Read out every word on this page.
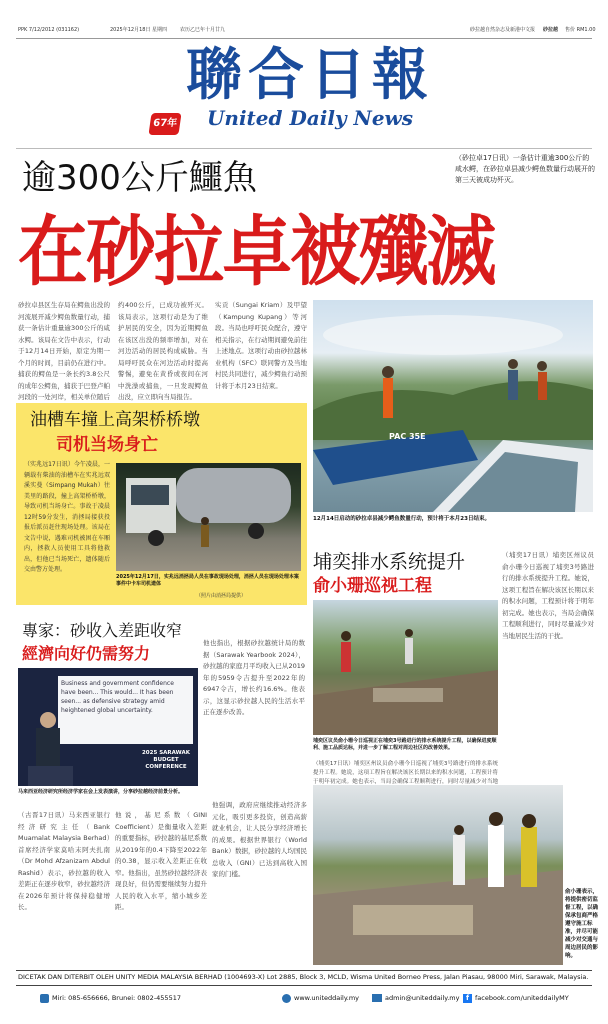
PPK 7/12/2012 (031162)	2025年12月18日 星期四	农历乙巳年十月廿九	砂拉越自然杂志及新港中文报 砂拉越 售价 RM1.00
聯合日報
United Daily News
67年
逾300公斤鱷魚	（砂拉卓17日讯）一条估计重逾300公斤的咸水鳄，在砂拉卓县减少鳄鱼数量行动展开的第三天被成功歼灭。
在砂拉卓被殲滅
砂拉卓县区生存局在鳄鱼出没的河流展开减少鳄鱼数量行动，捕获一条估计重量逾300公斤的咸水鳄。该局在文告中表示，行动于12月14日开始，原定为期一个月的时间，目前仍在进行中。捕获的鳄鱼是一条长约3.8公尺的成年公鳄鱼，捕获于巴登卢帕河段的一处河岸，相关单位随后
约400公斤，已成功被歼灭。该局表示，这项行动是为了维护居民的安全，因为近期鳄鱼在该区出没的频率增加，对在河边活动的居民构成威胁。当局呼吁民众在河边活动时提高警惕，避免在黄昏或夜间在河中洗澡或捕鱼，一旦发现鳄鱼出没，应立即向当局报告。
实贡（Sungai Kriam）及甲望（Kampung Kupang）等河段。当局也呼吁民众配合，遵守相关指示，在行动期间避免前往上述地点。这项行动由砂拉越林业机构（SFC）联同警方及当地村民共同进行，减少鳄鱼行动预计将于本月23日结束。
PAC 35E
12月14日启动的砂拉卓县减少鳄鱼数量行动，预计将于本月23日结束。
油槽车撞上高架桥桥墩
司机当场身亡
（实兆远17日讯）今午凌晨，一辆载有柴油的油槽车在实兆远双溪实曼（Simpang Mukah）往美里的路段，撞上高架桥桥墩，导致司机当场身亡。事故于凌晨12时59分发生，消拯局接获投报后派员赶往现场处理。该局在文告中说，遇难司机被困在车厢内，拯救人员使用工具将他救出，但他已当场死亡，遗体随后交由警方处理。
2025年12月17日，实兆远消拯局人员在事故现场处理，消拯人员在现场处理本案事件中卡车司机遗体
（照片由消拯局提供）
埔奕排水系统提升
俞小珊巡视工程
（埔奕17日讯）埔奕区州议员俞小珊今日巡视了埔奕3号路进行的排水系统提升工程。她说，这项工程旨在解决该区长期以来的积水问题，工程预计将于明年初完成。她也表示，当局会确保工程顺利进行，同时尽量减少对当地居民生活的干扰。
埔奕区议员俞小珊今日巡视正在埔奕3号路进行的排水系统提升工程，以确保进度顺利、施工品质达标，并进一步了解工程对周边社区的改善效果。
（埔奕17日讯）埔奕区州议员俞小珊今日巡视了埔奕3号路进行的排水系统提升工程。她说，这项工程旨在解决该区长期以来的积水问题，工程预计将于明年初完成。她也表示，当局会确保工程顺利进行，同时尽量减少对当地
俞小珊表示，将提供密切监督工程，以确保承包商严格遵守施工标准，并尽可能减少对交通与周边居民的影响。
專家：砂收入差距收窄
經濟向好仍需努力
Business and government confidence have been... This would... It has been seen... as defensive strategy amid heightened global uncertainty.
2025 SARAWAK BUDGET CONFERENCE
马来西亚经济研究所经济学家在会上发表演讲，分享砂拉越经济前景分析。
他也指出，根据砂拉越统计局的数据（Sarawak Yearbook 2024），砂拉越的家庭月平均收入已从2019年的5959令吉提升至2022年的6947令吉，增长约16.6%。他表示，这显示砂拉越人民的生活水平正在逐步改善。
（古晋17日讯）马来西亚银行经济研究主任（Bank Muamalat Malaysia Berhad）首席经济学家莫哈末阿夫扎南（Dr Mohd Afzanizam Abdul Rashid）表示，砂拉越的收入差距正在逐步收窄，砂拉越经济在2026年预计将保持稳健增长。
他说，基尼系数（GINI Coefficient）是衡量收入差距的重要指标，砂拉越的基尼系数从2019年的0.4下降至2022年的0.38，显示收入差距正在收窄。他指出，虽然砂拉越经济表现良好，但仍需要继续努力提升人民的收入水平，缩小城乡差距。
他强调，政府应继续推动经济多元化，吸引更多投资，创造高薪就业机会，让人民分享经济增长的成果。根据世界银行（World Bank）数据，砂拉越的人均国民总收入（GNI）已达到高收入国家的门槛。
DICETAK DAN DITERBIT OLEH UNITY MEDIA MALAYSIA BERHAD (1004693-X) Lot 2885, Block 3, MCLD, Wisma United Borneo Press, Jalan Piasau, 98000 Miri, Sarawak, Malaysia.
Miri: 085-656666, Brunei: 0802-455517	www.uniteddaily.my	admin@uniteddaily.my f facebook.com/uniteddailyMY
